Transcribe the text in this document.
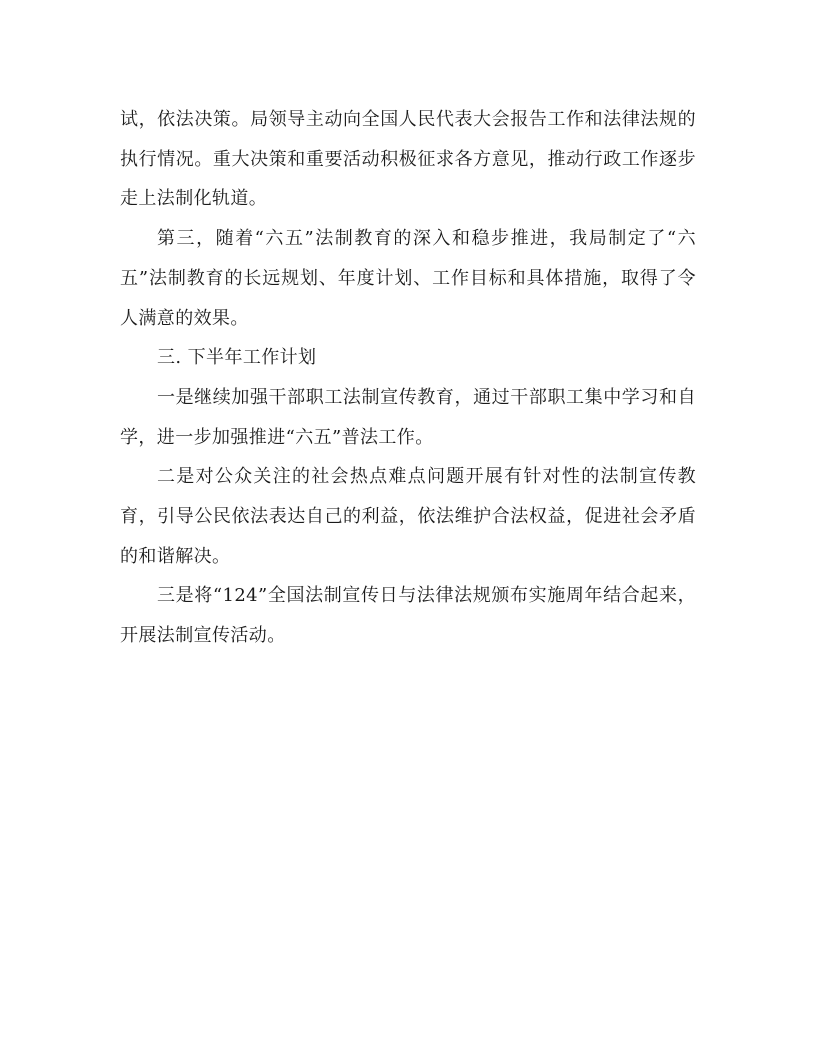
试，依法决策。局领导主动向全国人民代表大会报告工作和法律法规的执行情况。重大决策和重要活动积极征求各方意见，推动行政工作逐步走上法制化轨道。

第三，随着“六五”法制教育的深入和稳步推进，我局制定了“六五”法制教育的长远规划、年度计划、工作目标和具体措施，取得了令人满意的效果。

三. 下半年工作计划

一是继续加强干部职工法制宣传教育，通过干部职工集中学习和自学，进一步加强推进“六五”普法工作。

二是对公众关注的社会热点难点问题开展有针对性的法制宣传教育，引导公民依法表达自己的利益，依法维护合法权益，促进社会矛盾的和谐解决。

三是将“124”全国法制宣传日与法律法规颁布实施周年结合起来，开展法制宣传活动。
